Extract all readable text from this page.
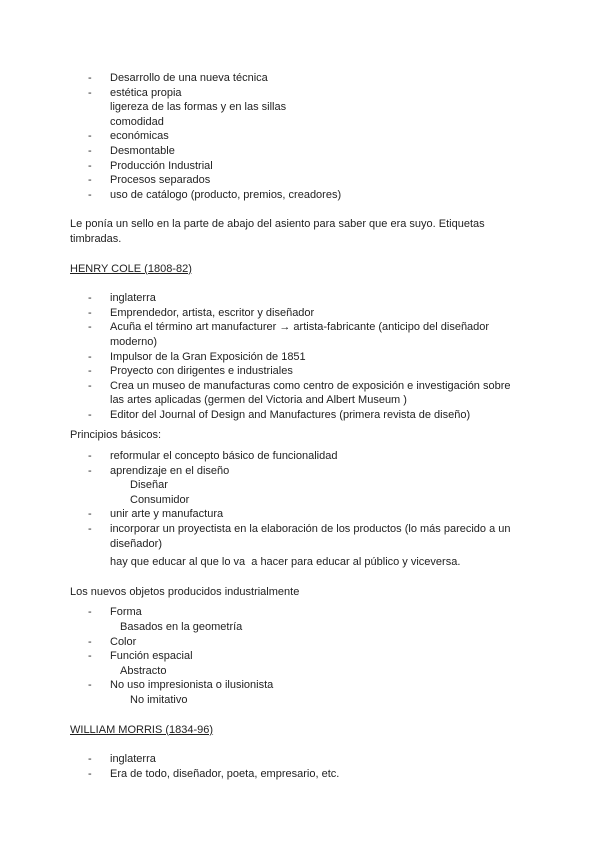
-	Desarrollo de una nueva técnica
-	estética propia
ligereza de las formas y en las sillas
comodidad
-	económicas
-	Desmontable
-	Producción Industrial
-	Procesos separados
-	uso de catálogo (producto, premios, creadores)
Le ponía un sello en la parte de abajo del asiento para saber que era suyo. Etiquetas timbradas.
HENRY COLE (1808-82)
-	inglaterra
-	Emprendedor, artista, escritor y diseñador
-	Acuña el término art manufacturer → artista-fabricante (anticipo del diseñador moderno)
-	Impulsor de la Gran Exposición de 1851
-	Proyecto con dirigentes e industriales
-	Crea un museo de manufacturas como centro de exposición e investigación sobre las artes aplicadas (germen del Victoria and Albert Museum )
-	Editor del Journal of Design and Manufactures (primera revista de diseño)
Principios básicos:
-	reformular el concepto básico de funcionalidad
-	aprendizaje en el diseño
Diseñar
Consumidor
-	unir arte y manufactura
-	incorporar un proyectista en la elaboración de los productos (lo más parecido a un diseñador)
hay que educar al que lo va  a hacer para educar al público y viceversa.
Los nuevos objetos producidos industrialmente
-	Forma
Basados en la geometría
-	Color
-	Función espacial
Abstracto
-	No uso impresionista o ilusionista
No imitativo
WILLIAM MORRIS (1834-96)
-	inglaterra
-	Era de todo, diseñador, poeta, empresario, etc.
